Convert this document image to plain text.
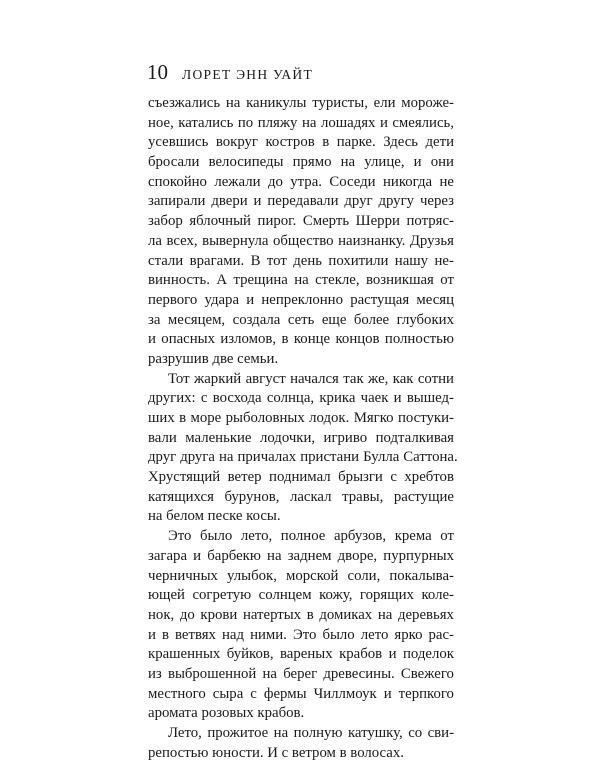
10 ЛОРЕТ ЭНН УАЙТ
съезжались на каникулы туристы, ели мороже-
ное, катались по пляжу на лошадях и смеялись,
усевшись вокруг костров в парке. Здесь дети
бросали велосипеды прямо на улице, и они
спокойно лежали до утра. Соседи никогда не
запирали двери и передавали друг другу через
забор яблочный пирог. Смерть Шерри потряс-
ла всех, вывернула общество наизнанку. Друзья
стали врагами. В тот день похитили нашу не-
винность. А трещина на стекле, возникшая от
первого удара и непреклонно растущая месяц
за месяцем, создала сеть еще более глубоких
и опасных изломов, в конце концов полностью
разрушив две семьи.
Тот жаркий август начался так же, как сотни
других: с восхода солнца, крика чаек и вышед-
ших в море рыболовных лодок. Мягко постуки-
вали маленькие лодочки, игриво подталкивая
друг друга на причалах пристани Булла Саттона.
Хрустящий ветер поднимал брызги с хребтов
катящихся бурунов, ласкал травы, растущие
на белом песке косы.
Это было лето, полное арбузов, крема от
загара и барбекю на заднем дворе, пурпурных
черничных улыбок, морской соли, покалыва-
ющей согретую солнцем кожу, горящих коле-
нок, до крови натертых в домиках на деревьях
и в ветвях над ними. Это было лето ярко рас-
крашенных буйков, вареных крабов и поделок
из выброшенной на берег древесины. Свежего
местного сыра с фермы Чиллмоук и терпкого
аромата розовых крабов.
Лето, прожитое на полную катушку, со сви-
репостью юности. И с ветром в волосах.
